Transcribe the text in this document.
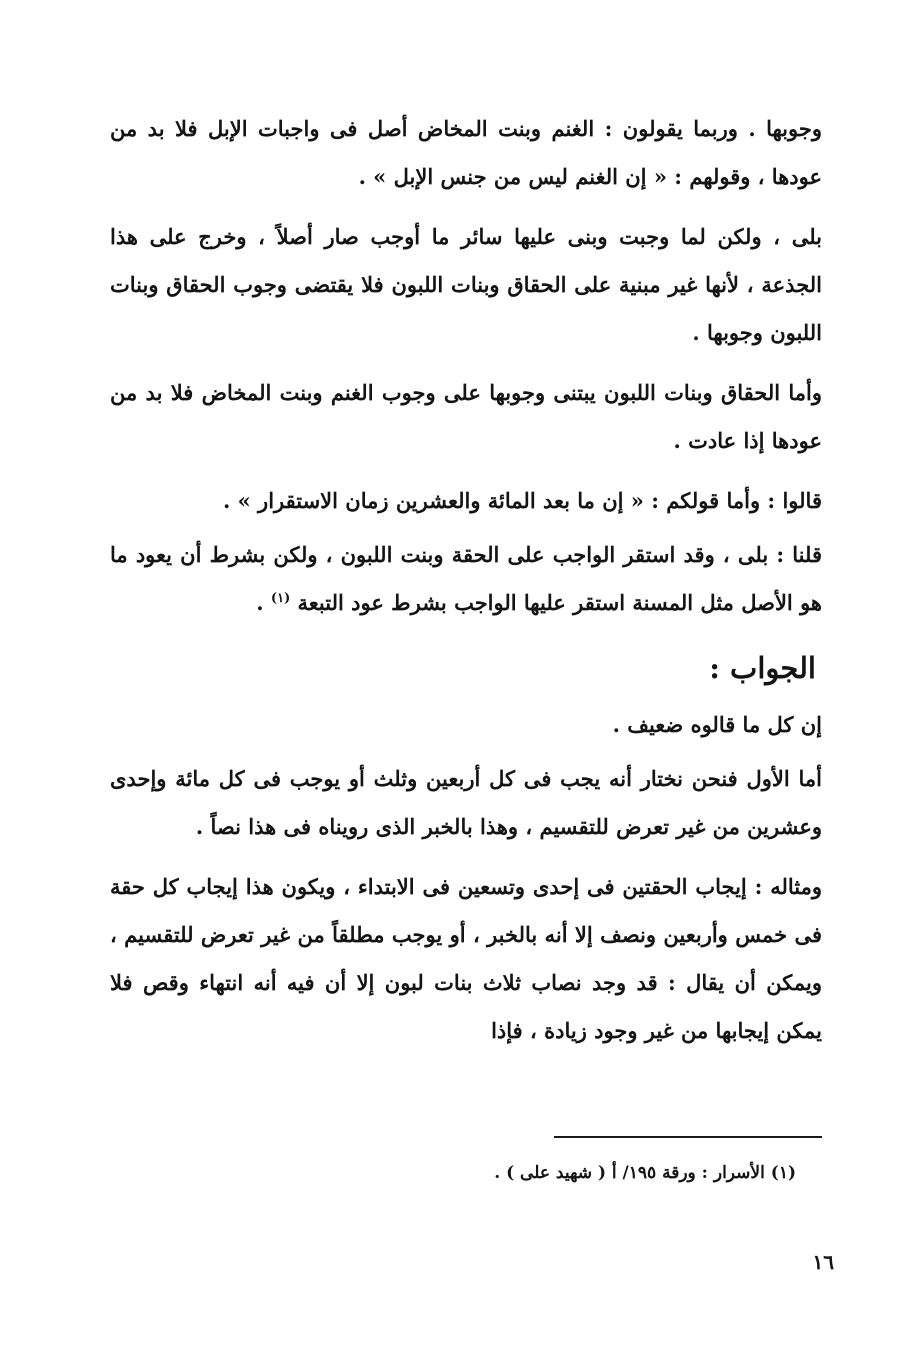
وجوبها . وربما يقولون : الغنم وبنت المخاض أصل فى واجبات الإبل فلا بد من عودها ، وقولهم : « إن الغنم ليس من جنس الإبل » .

بلى ، ولكن لما وجبت وبنى عليها سائر ما أوجب صار أصلاً ، وخرج على هذا الجذعة ، لأنها غير مبنية على الحقاق وبنات اللبون فلا يقتضى وجوب الحقاق وبنات اللبون وجوبها .

وأما الحقاق وبنات اللبون يبتنى وجوبها على وجوب الغنم وبنت المخاض فلا بد من عودها إذا عادت .

قالوا : وأما قولكم : « إن ما بعد المائة والعشرين زمان الاستقرار » .

قلنا : بلى ، وقد استقر الواجب على الحقة وبنت اللبون ، ولكن بشرط أن يعود ما هو الأصل مثل المسنة استقر عليها الواجب بشرط عود التبعة $^{(١)}$ .

الجواب :

إن كل ما قالوه ضعيف .

أما الأول فنحن نختار أنه يجب فى كل أربعين وثلث أو يوجب فى كل مائة وإحدى وعشرين من غير تعرض للتقسيم ، وهذا بالخبر الذى رويناه فى هذا نصاً .

ومثاله : إيجاب الحقتين فى إحدى وتسعين فى الابتداء ، ويكون هذا إيجاب كل حقة فى خمس وأربعين ونصف إلا أنه بالخبر ، أو يوجب مطلقاً من غير تعرض للتقسيم ، ويمكن أن يقال : قد وجد نصاب ثلاث بنات لبون إلا أن فيه أنه انتهاء وقص فلا يمكن إيجابها من غير وجود زيادة ، فإذا

(١) الأسرار : ورقة ١٩٥/ أ ( شهيد على ) .

١٦
